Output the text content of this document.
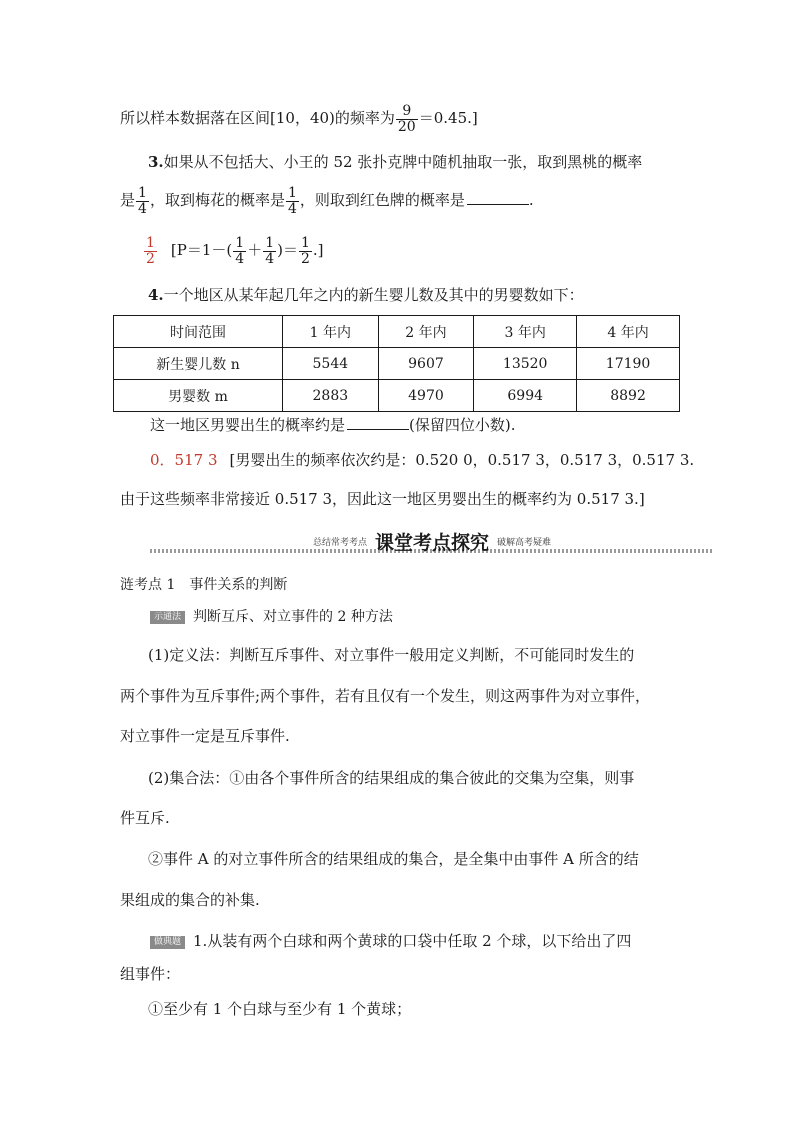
所以样本数据落在区间[10，40)的频率为 $\frac{9}{20} =0.45$.]
3.如果从不包括大、小王的 52 张扑克牌中随机抽取一张，取到黑桃的概率
是 $\frac{1}{4}$ ，取到梅花的概率是 $\frac{1}{4}$ ，则取到红色牌的概率是	.
$\frac{1}{2} [P=1-( \frac{1}{4} + \frac{1}{4}$ )＝ $\frac{1}{2}$ .]
4.一个地区从某年起几年之内的新生婴儿数及其中的男婴数如下：
时间范围	1 年内	2 年内	3 年内	4 年内
新生婴儿数 n	5544	9607	13520	17190
男婴数 m	2883	4970	6994	8892
这一地区男婴出生的概率约是	(保留四位小数).
0．517 3 [男婴出生的频率依次约是：0.520 0，0.517 3，0.517 3，0.517 3.
由于这些频率非常接近 0.517 3，因此这一地区男婴出生的概率约为 0.517 3.]
总结常考考点 课堂考点探究 破解高考疑难
涟考点 1　事件关系的判断
示通法 判断互斥、对立事件的 2 种方法
(1)定义法：判断互斥事件、对立事件一般用定义判断，不可能同时发生的
两个事件为互斥事件;两个事件，若有且仅有一个发生，则这两事件为对立事件，
对立事件一定是互斥事件.
(2)集合法：①由各个事件所含的结果组成的集合彼此的交集为空集，则事
件互斥.
②事件 A 的对立事件所含的结果组成的集合，是全集中由事件 A 所含的结
果组成的集合的补集.
做典题 1.从装有两个白球和两个黄球的口袋中任取 2 个球，以下给出了四
组事件：
①至少有 1 个白球与至少有 1 个黄球；
